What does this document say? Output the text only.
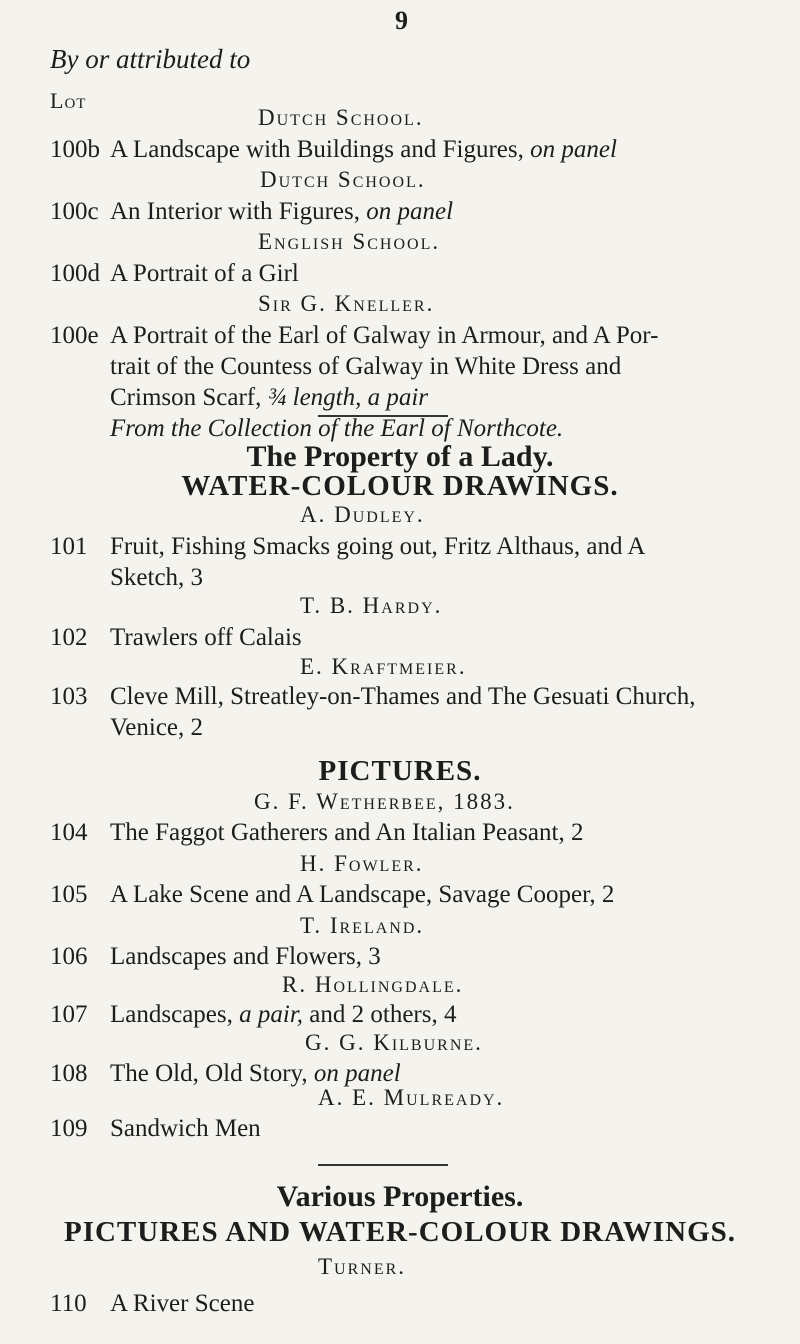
9
By or attributed to
Lot
Dutch School.
100b A Landscape with Buildings and Figures, on panel
Dutch School.
100c An Interior with Figures, on panel
English School.
100d A Portrait of a Girl
Sir G. Kneller.
100e A Portrait of the Earl of Galway in Armour, and A Por-
trait of the Countess of Galway in White Dress and
Crimson Scarf, ¾ length, a pair
From the Collection of the Earl of Northcote.
The Property of a Lady.
WATER-COLOUR DRAWINGS.
A. Dudley.
101 Fruit, Fishing Smacks going out, Fritz Althaus, and A
Sketch, 3
T. B. Hardy.
102 Trawlers off Calais
E. Kraftmeier.
103 Cleve Mill, Streatley-on-Thames and The Gesuati Church,
Venice, 2
PICTURES.
G. F. Wetherbee, 1883.
104 The Faggot Gatherers and An Italian Peasant, 2
H. Fowler.
105 A Lake Scene and A Landscape, Savage Cooper, 2
T. Ireland.
106 Landscapes and Flowers, 3
R. Hollingdale.
107 Landscapes, a pair, and 2 others, 4
G. G. Kilburne.
108 The Old, Old Story, on panel
A. E. Mulready.
109 Sandwich Men
Various Properties.
PICTURES AND WATER-COLOUR DRAWINGS.
Turner.
110 A River Scene
